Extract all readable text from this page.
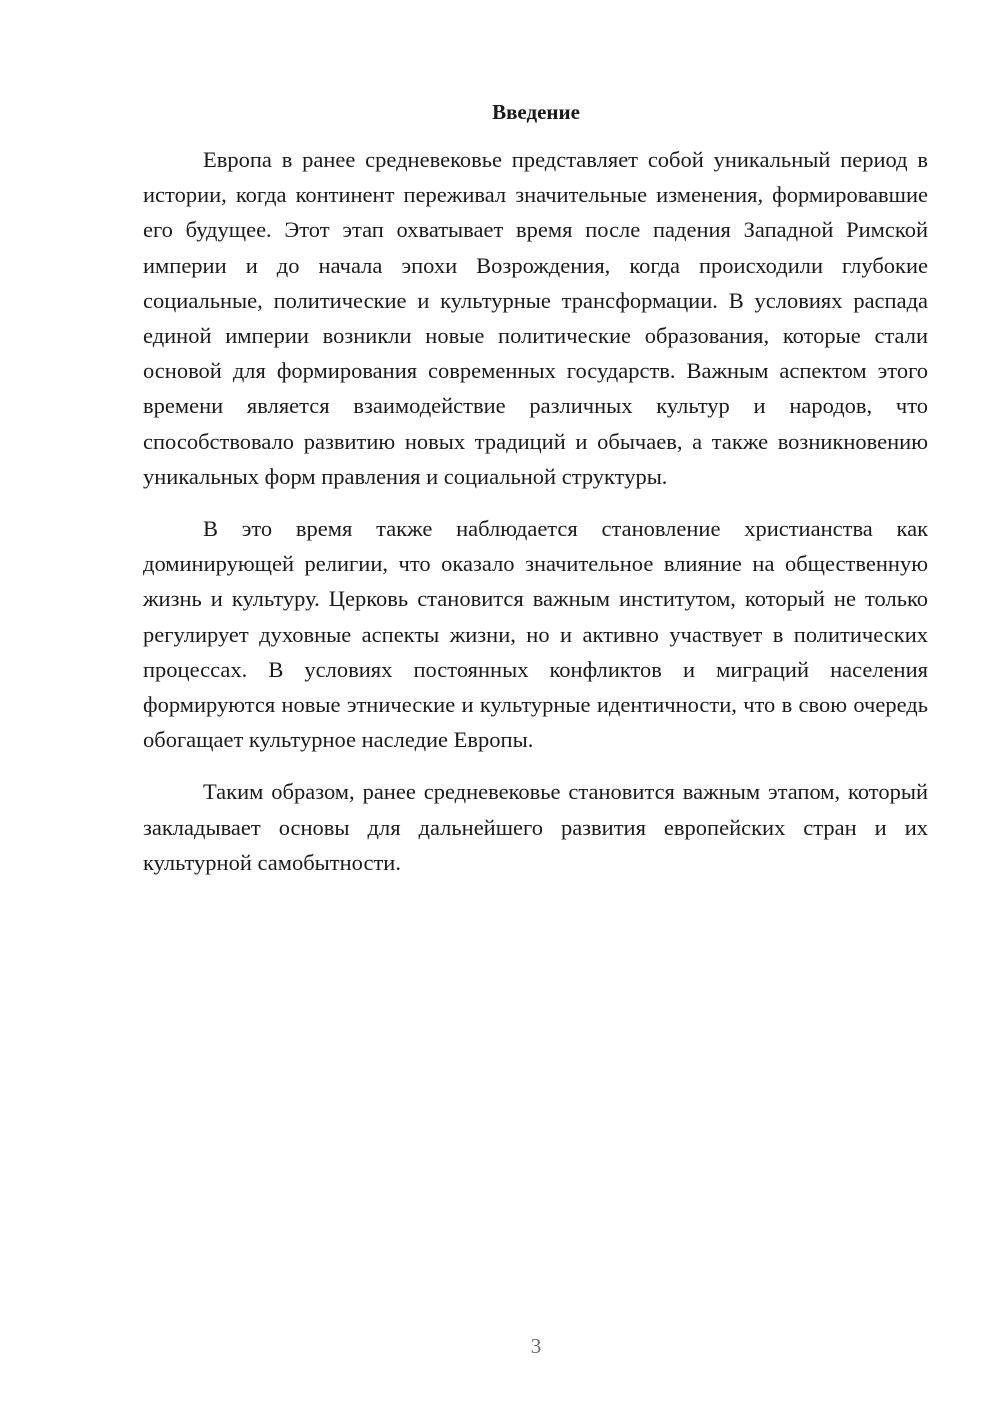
Введение

Европа в ранее средневековье представляет собой уникальный период в истории, когда континент переживал значительные изменения, формировавшие его будущее. Этот этап охватывает время после падения Западной Римской империи и до начала эпохи Возрождения, когда происходили глубокие социальные, политические и культурные трансформации. В условиях распада единой империи возникли новые политические образования, которые стали основой для формирования современных государств. Важным аспектом этого времени является взаимодействие различных культур и народов, что способствовало развитию новых традиций и обычаев, а также возникновению уникальных форм правления и социальной структуры.

В это время также наблюдается становление христианства как доминирующей религии, что оказало значительное влияние на общественную жизнь и культуру. Церковь становится важным институтом, который не только регулирует духовные аспекты жизни, но и активно участвует в политических процессах. В условиях постоянных конфликтов и миграций населения формируются новые этнические и культурные идентичности, что в свою очередь обогащает культурное наследие Европы.

Таким образом, ранее средневековье становится важным этапом, который закладывает основы для дальнейшего развития европейских стран и их культурной самобытности.

3
